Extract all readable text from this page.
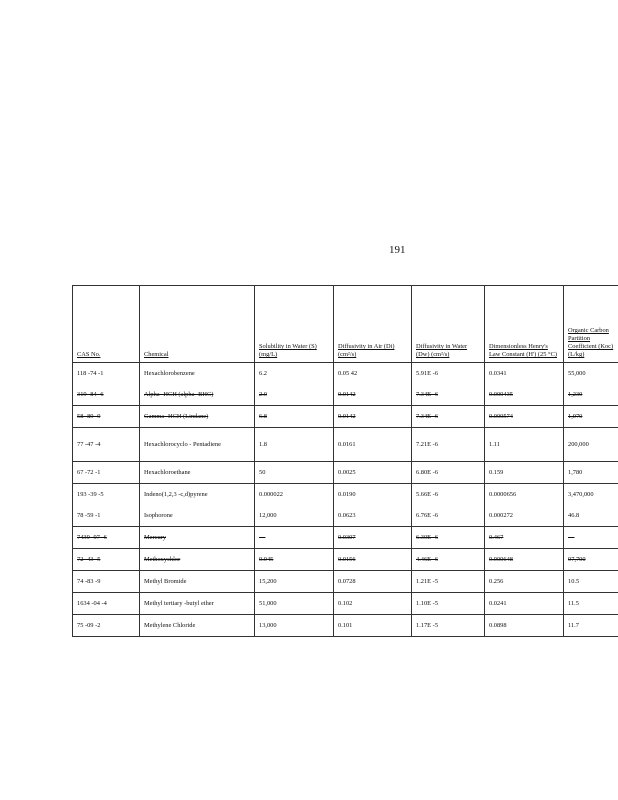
191
CAS No.	Chemical	Solubility in Water (S) (mg/L)	Diffusivity in Air (Di) (cm²/s)	Diffusivity in Water (Dw) (cm²/s)	Dimensionless Henry's Law Constant (H') (25 °C)	Organic Carbon Partition Coefficient (Koc) (L/kg)
118 -74 -1	Hexachlorobenzene	6.2	0.05 42	5.91E -6	0.0341	55,000
319 -84 -6	Alpha -HCH (alpha -BHC)	2.0	0.0142	7.34E -6	0.000435	1,230
58 -89 -9	Gamma -HCH (Lindane)	6.8	0.0142	7.34E -6	0.000574	1,070
77 -47 -4	Hexachlorocyclo - Pentadiene	1.8	0.0161	7.21E -6	1.11	200,000
67 -72 -1	Hexachloroethane	50	0.0025	6.80E -6	0.159	1,780
193 -39 -5	Indeno(1,2,3 -c,d)pyrene	0.000022	0.0190	5.66E -6	0.0000656	3,470,000
78 -59 -1	Isophorone	12,000	0.0623	6.76E -6	0.000272	46.8
7439 -97 -6	Mercury	—	0.0307	6.30E -6	0.467	—
72 -43 -5	Methoxychlor	0.045	0.0156	4.46E -6	0.000648	97,700
74 -83 -9	Methyl Bromide	15,200	0.0728	1.21E -5	0.256	10.5
1634 -04 -4	Methyl tertiary -butyl ether	51,000	0.102	1.10E -5	0.0241	11.5
75 -09 -2	Methylene Chloride	13,000	0.101	1.17E -5	0.0898	11.7
